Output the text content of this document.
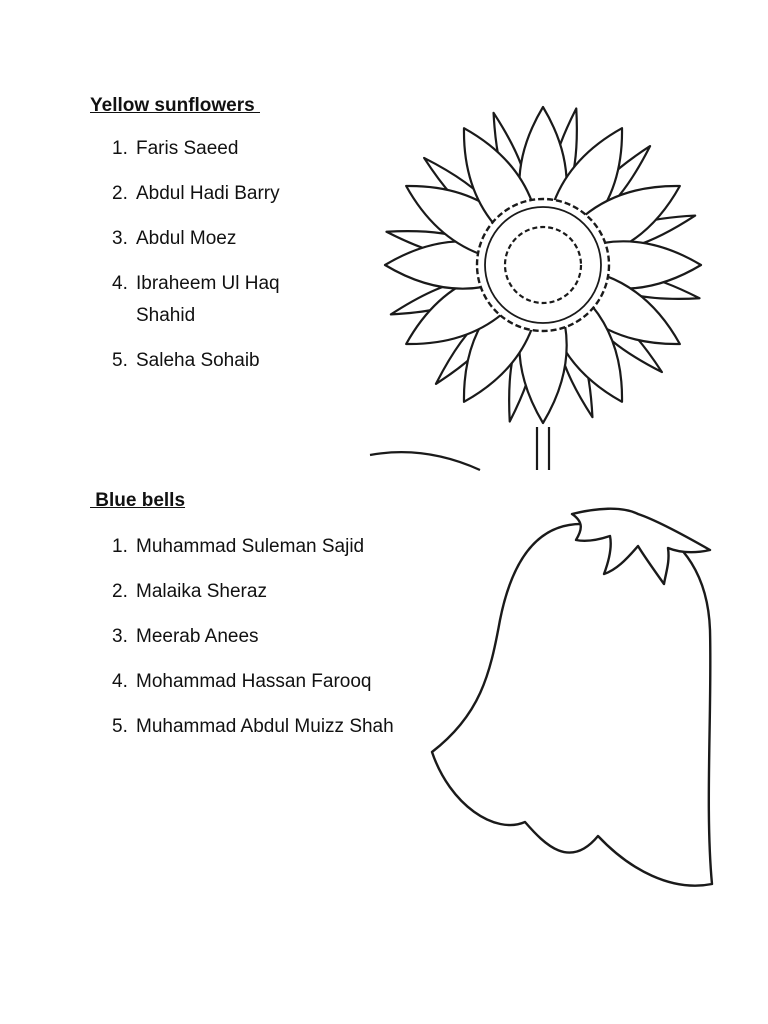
Yellow sunflowers
1. Faris Saeed
2. Abdul Hadi Barry
3. Abdul Moez
4. Ibraheem Ul Haq Shahid
5. Saleha Sohaib
Blue bells
1. Muhammad Suleman Sajid
2. Malaika Sheraz
3. Meerab Anees
4. Mohammad Hassan Farooq
5. Muhammad Abdul Muizz Shah
